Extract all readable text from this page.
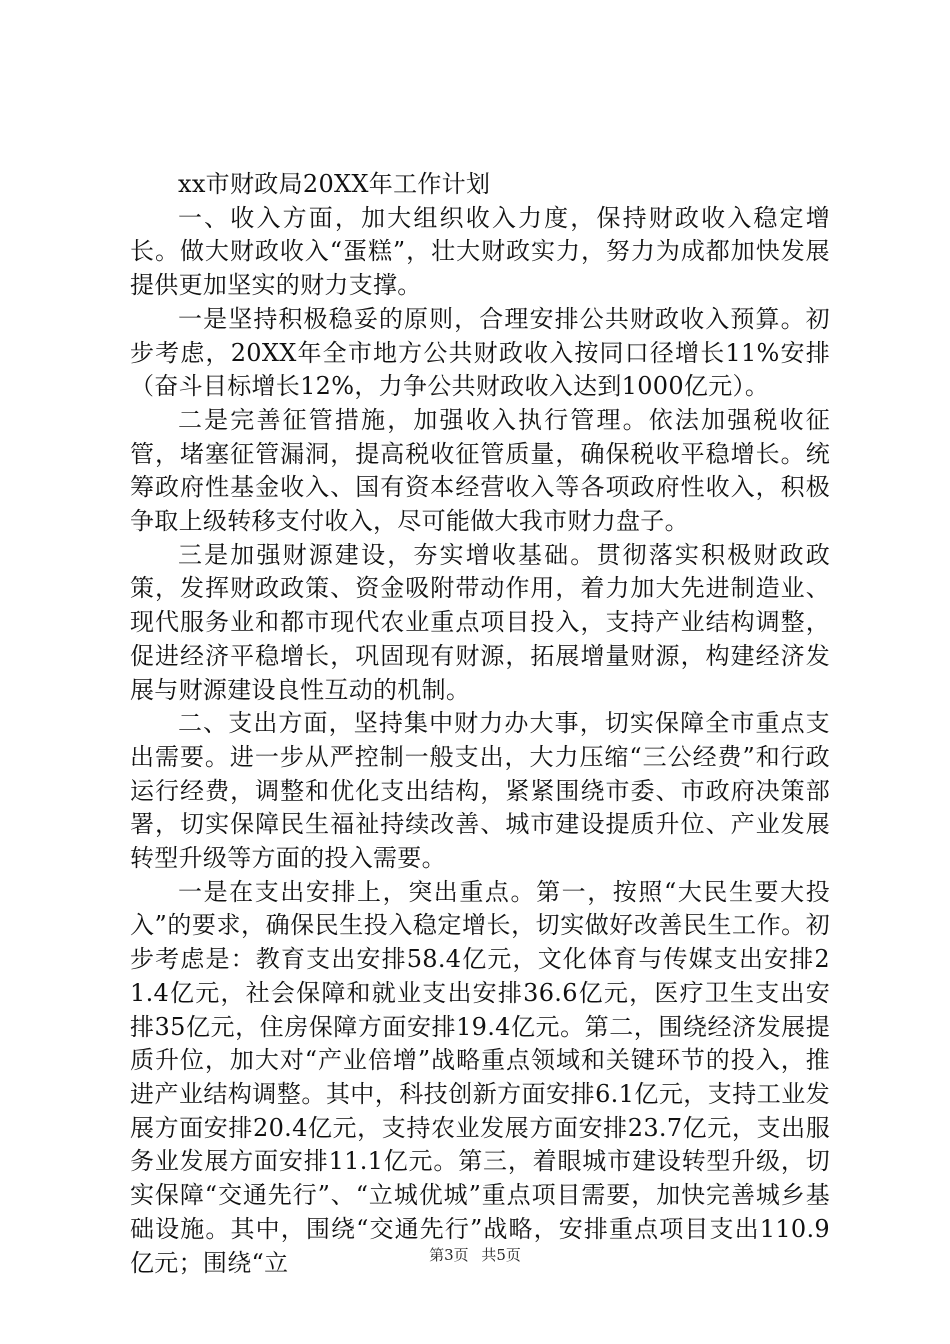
xx市财政局20XX年工作计划

一、收入方面，加大组织收入力度，保持财政收入稳定增长。做大财政收入“蛋糕”，壮大财政实力，努力为成都加快发展提供更加坚实的财力支撑。

一是坚持积极稳妥的原则，合理安排公共财政收入预算。初步考虑，20XX年全市地方公共财政收入按同口径增长11%安排（奋斗目标增长12%，力争公共财政收入达到1000亿元）。

二是完善征管措施，加强收入执行管理。依法加强税收征管，堵塞征管漏洞，提高税收征管质量，确保税收平稳增长。统筹政府性基金收入、国有资本经营收入等各项政府性收入，积极争取上级转移支付收入，尽可能做大我市财力盘子。

三是加强财源建设，夯实增收基础。贯彻落实积极财政政策，发挥财政政策、资金吸附带动作用，着力加大先进制造业、现代服务业和都市现代农业重点项目投入，支持产业结构调整，促进经济平稳增长，巩固现有财源，拓展增量财源，构建经济发展与财源建设良性互动的机制。

二、支出方面，坚持集中财力办大事，切实保障全市重点支出需要。进一步从严控制一般支出，大力压缩“三公经费”和行政运行经费，调整和优化支出结构，紧紧围绕市委、市政府决策部署，切实保障民生福祉持续改善、城市建设提质升位、产业发展转型升级等方面的投入需要。

一是在支出安排上，突出重点。第一，按照“大民生要大投入”的要求，确保民生投入稳定增长，切实做好改善民生工作。初步考虑是：教育支出安排58.4亿元，文化体育与传媒支出安排21.4亿元，社会保障和就业支出安排36.6亿元，医疗卫生支出安排35亿元，住房保障方面安排19.4亿元。第二，围绕经济发展提质升位，加大对“产业倍增”战略重点领域和关键环节的投入，推进产业结构调整。其中，科技创新方面安排6.1亿元，支持工业发展方面安排20.4亿元，支持农业发展方面安排23.7亿元，支出服务业发展方面安排11.1亿元。第三，着眼城市建设转型升级，切实保障“交通先行”、“立城优城”重点项目需要，加快完善城乡基础设施。其中，围绕“交通先行”战略，安排重点项目支出110.9亿元；围绕“立	第3页 共5页
